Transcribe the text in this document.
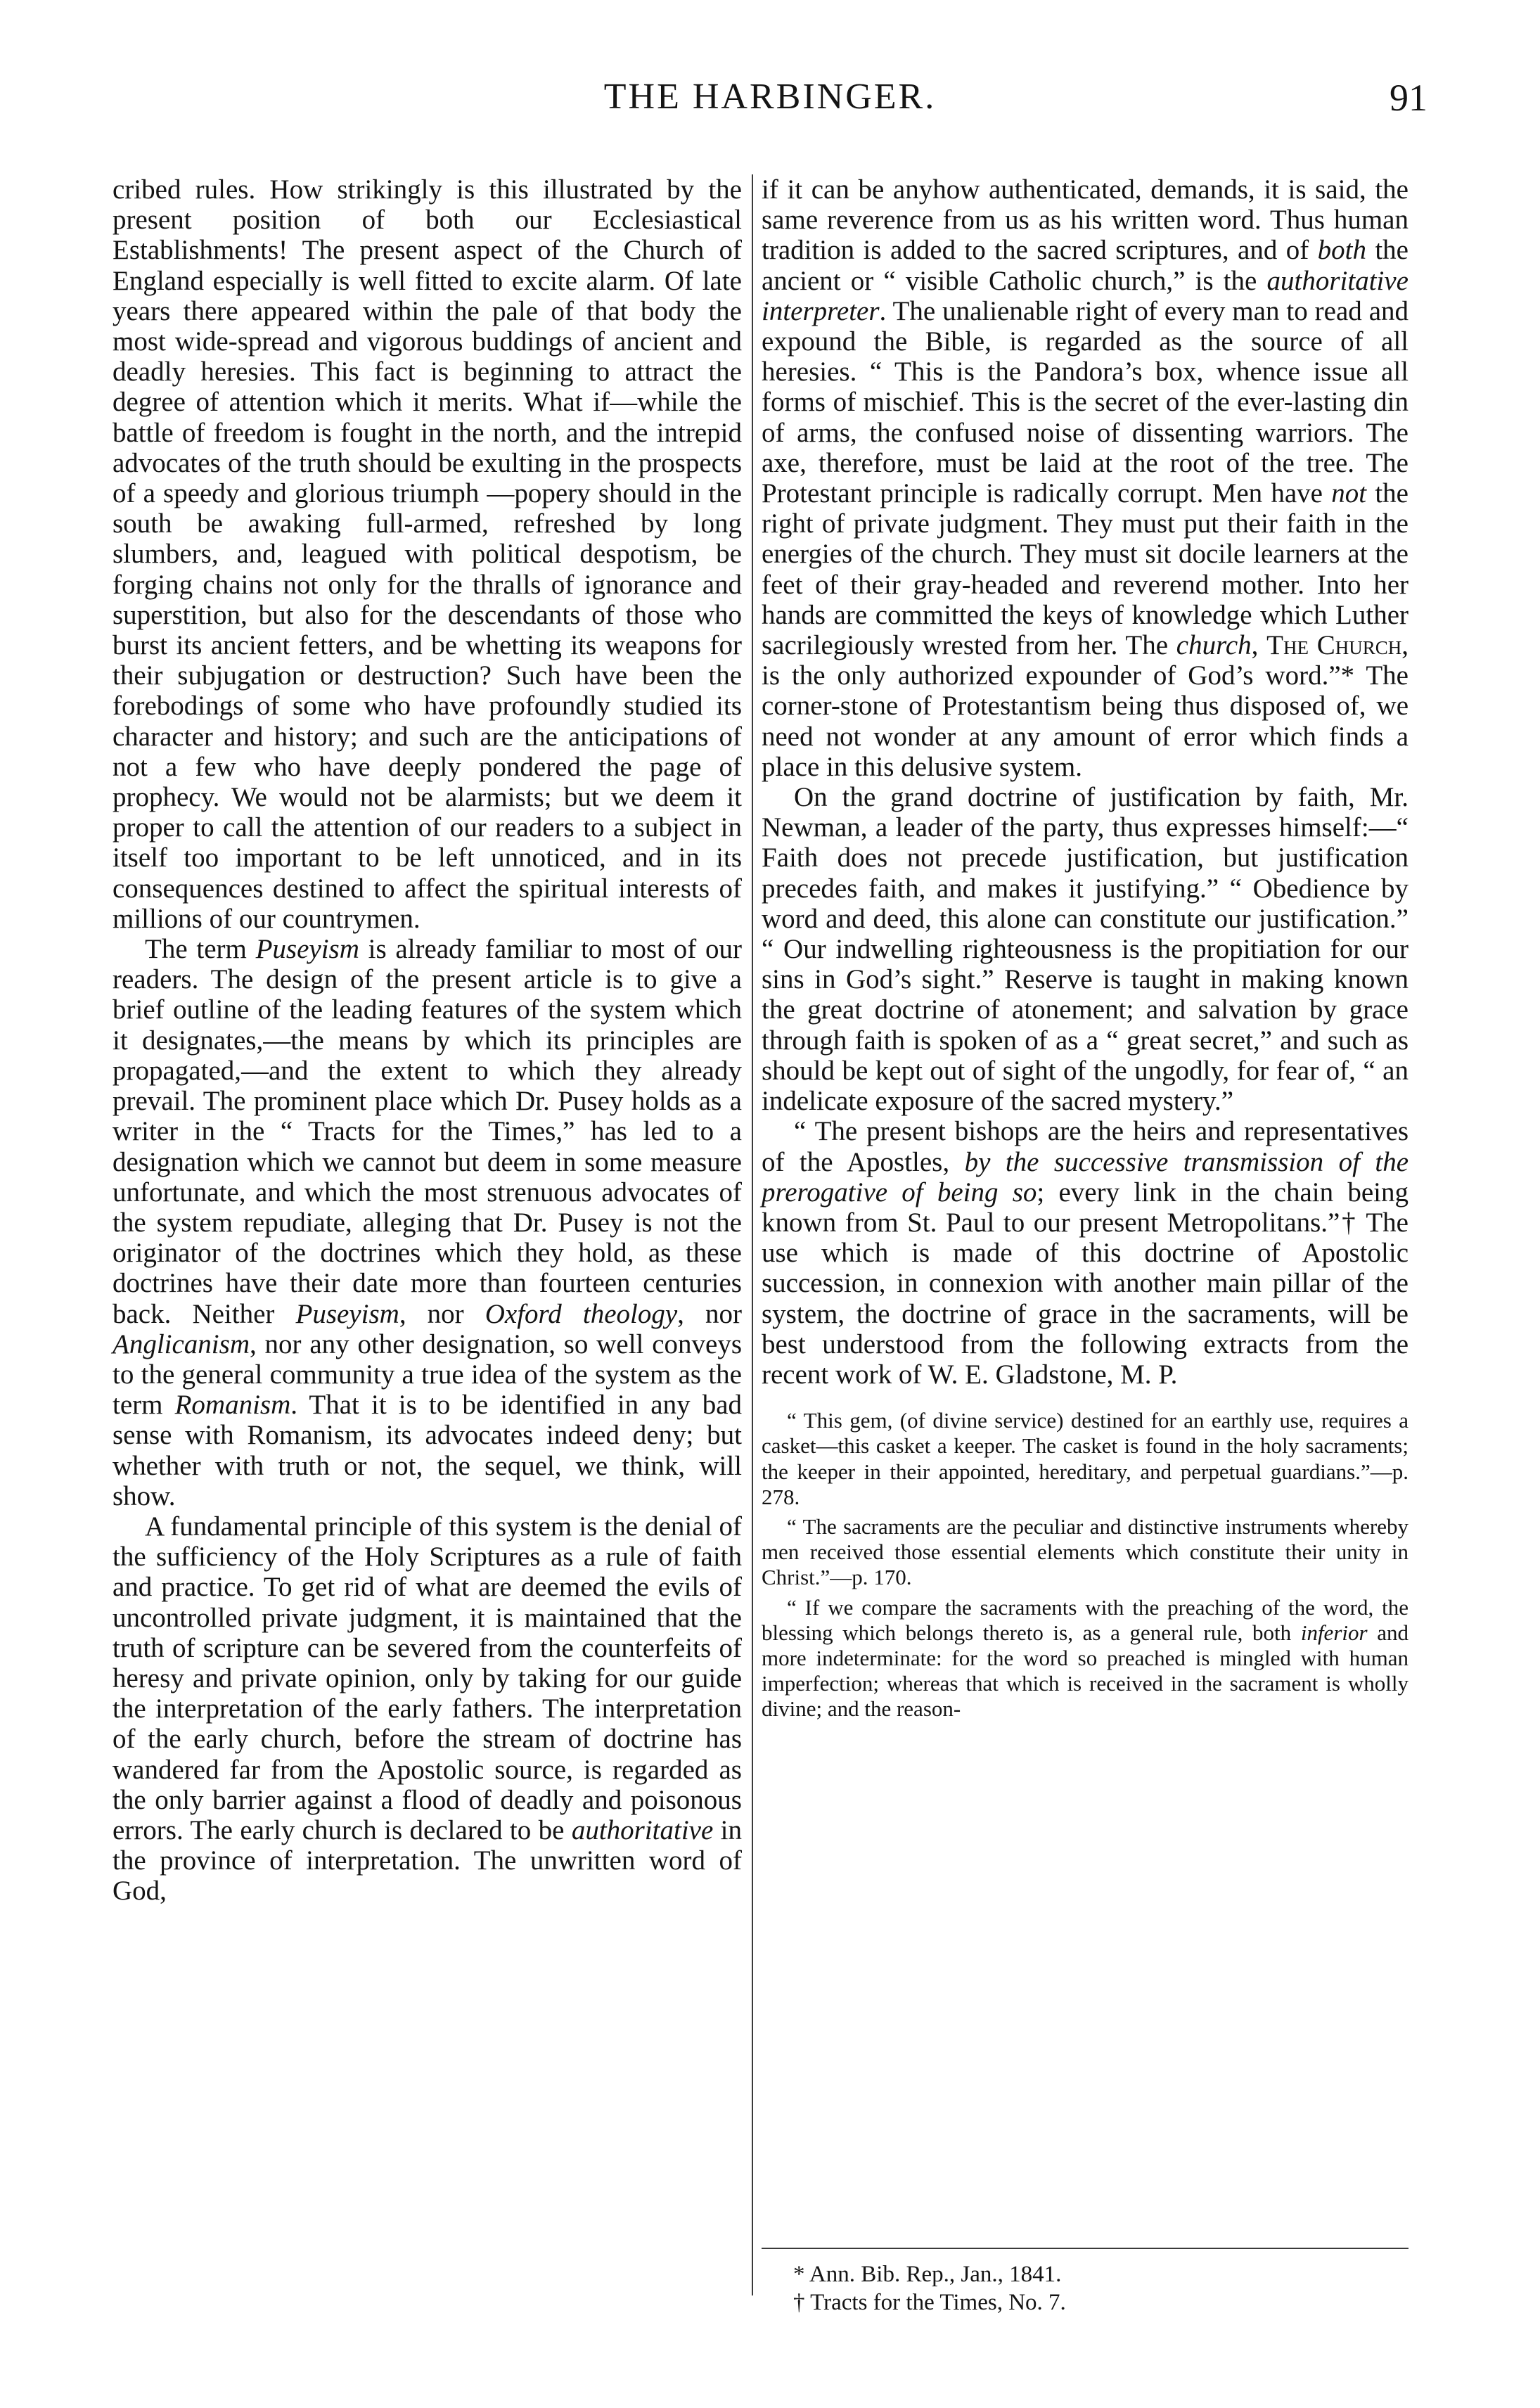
THE HARBINGER.	91

cribed rules. How strikingly is this illustrated by the present position of both our Ecclesiastical Establishments! The present aspect of the Church of England especially is well fitted to excite alarm. Of late years there appeared within the pale of that body the most wide-spread and vigorous buddings of ancient and deadly heresies. This fact is beginning to attract the degree of attention which it merits. What if—while the battle of freedom is fought in the north, and the intrepid advocates of the truth should be exulting in the prospects of a speedy and glorious triumph —popery should in the south be awaking full-armed, refreshed by long slumbers, and, leagued with political despotism, be forging chains not only for the thralls of ignorance and superstition, but also for the descendants of those who burst its ancient fetters, and be whetting its weapons for their subjugation or destruction? Such have been the forebodings of some who have profoundly studied its character and history; and such are the anticipations of not a few who have deeply pondered the page of prophecy. We would not be alarmists; but we deem it proper to call the attention of our readers to a subject in itself too important to be left unnoticed, and in its consequences destined to affect the spiritual interests of millions of our countrymen.

The term Puseyism is already familiar to most of our readers. The design of the present article is to give a brief outline of the leading features of the system which it designates,—the means by which its principles are propagated,—and the extent to which they already prevail. The prominent place which Dr. Pusey holds as a writer in the “ Tracts for the Times,” has led to a designation which we cannot but deem in some measure unfortunate, and which the most strenuous advocates of the system repudiate, alleging that Dr. Pusey is not the originator of the doctrines which they hold, as these doctrines have their date more than fourteen centuries back. Neither Puseyism, nor Oxford theology, nor Anglicanism, nor any other designation, so well conveys to the general community a true idea of the system as the term Romanism. That it is to be identified in any bad sense with Romanism, its advocates indeed deny; but whether with truth or not, the sequel, we think, will show.

A fundamental principle of this system is the denial of the sufficiency of the Holy Scriptures as a rule of faith and practice. To get rid of what are deemed the evils of uncontrolled private judgment, it is maintained that the truth of scripture can be severed from the counterfeits of heresy and private opinion, only by taking for our guide the interpretation of the early fathers. The interpretation of the early church, before the stream of doctrine has wandered far from the Apostolic source, is regarded as the only barrier against a flood of deadly and poisonous errors. The early church is declared to be authoritative in the province of interpretation. The unwritten word of God,

if it can be anyhow authenticated, demands, it is said, the same reverence from us as his written word. Thus human tradition is added to the sacred scriptures, and of both the ancient or “ visible Catholic church,” is the authoritative interpreter. The unalienable right of every man to read and expound the Bible, is regarded as the source of all heresies. “ This is the Pandora’s box, whence issue all forms of mischief. This is the secret of the ever-lasting din of arms, the confused noise of dissenting warriors. The axe, therefore, must be laid at the root of the tree. The Protestant principle is radically corrupt. Men have not the right of private judgment. They must put their faith in the energies of the church. They must sit docile learners at the feet of their gray-headed and reverend mother. Into her hands are committed the keys of knowledge which Luther sacrilegiously wrested from her. The church, The Church, is the only authorized expounder of God’s word.”* The corner-stone of Protestantism being thus disposed of, we need not wonder at any amount of error which finds a place in this delusive system.

On the grand doctrine of justification by faith, Mr. Newman, a leader of the party, thus expresses himself:—“ Faith does not precede justification, but justification precedes faith, and makes it justifying.” “ Obedience by word and deed, this alone can constitute our justification.” “ Our indwelling righteousness is the propitiation for our sins in God’s sight.” Reserve is taught in making known the great doctrine of atonement; and salvation by grace through faith is spoken of as a “ great secret,” and such as should be kept out of sight of the ungodly, for fear of, “ an indelicate exposure of the sacred mystery.”

“ The present bishops are the heirs and representatives of the Apostles, by the successive transmission of the prerogative of being so; every link in the chain being known from St. Paul to our present Metropolitans.”† The use which is made of this doctrine of Apostolic succession, in connexion with another main pillar of the system, the doctrine of grace in the sacraments, will be best understood from the following extracts from the recent work of W. E. Gladstone, M. P.

“ This gem, (of divine service) destined for an earthly use, requires a casket—this casket a keeper. The casket is found in the holy sacraments; the keeper in their appointed, hereditary, and perpetual guardians.”—p. 278.

“ The sacraments are the peculiar and distinctive instruments whereby men received those essential elements which constitute their unity in Christ.”—p. 170.

“ If we compare the sacraments with the preaching of the word, the blessing which belongs thereto is, as a general rule, both inferior and more indeterminate: for the word so preached is mingled with human imperfection; whereas that which is received in the sacrament is wholly divine; and the reason-

* Ann. Bib. Rep., Jan., 1841.

† Tracts for the Times, No. 7.
